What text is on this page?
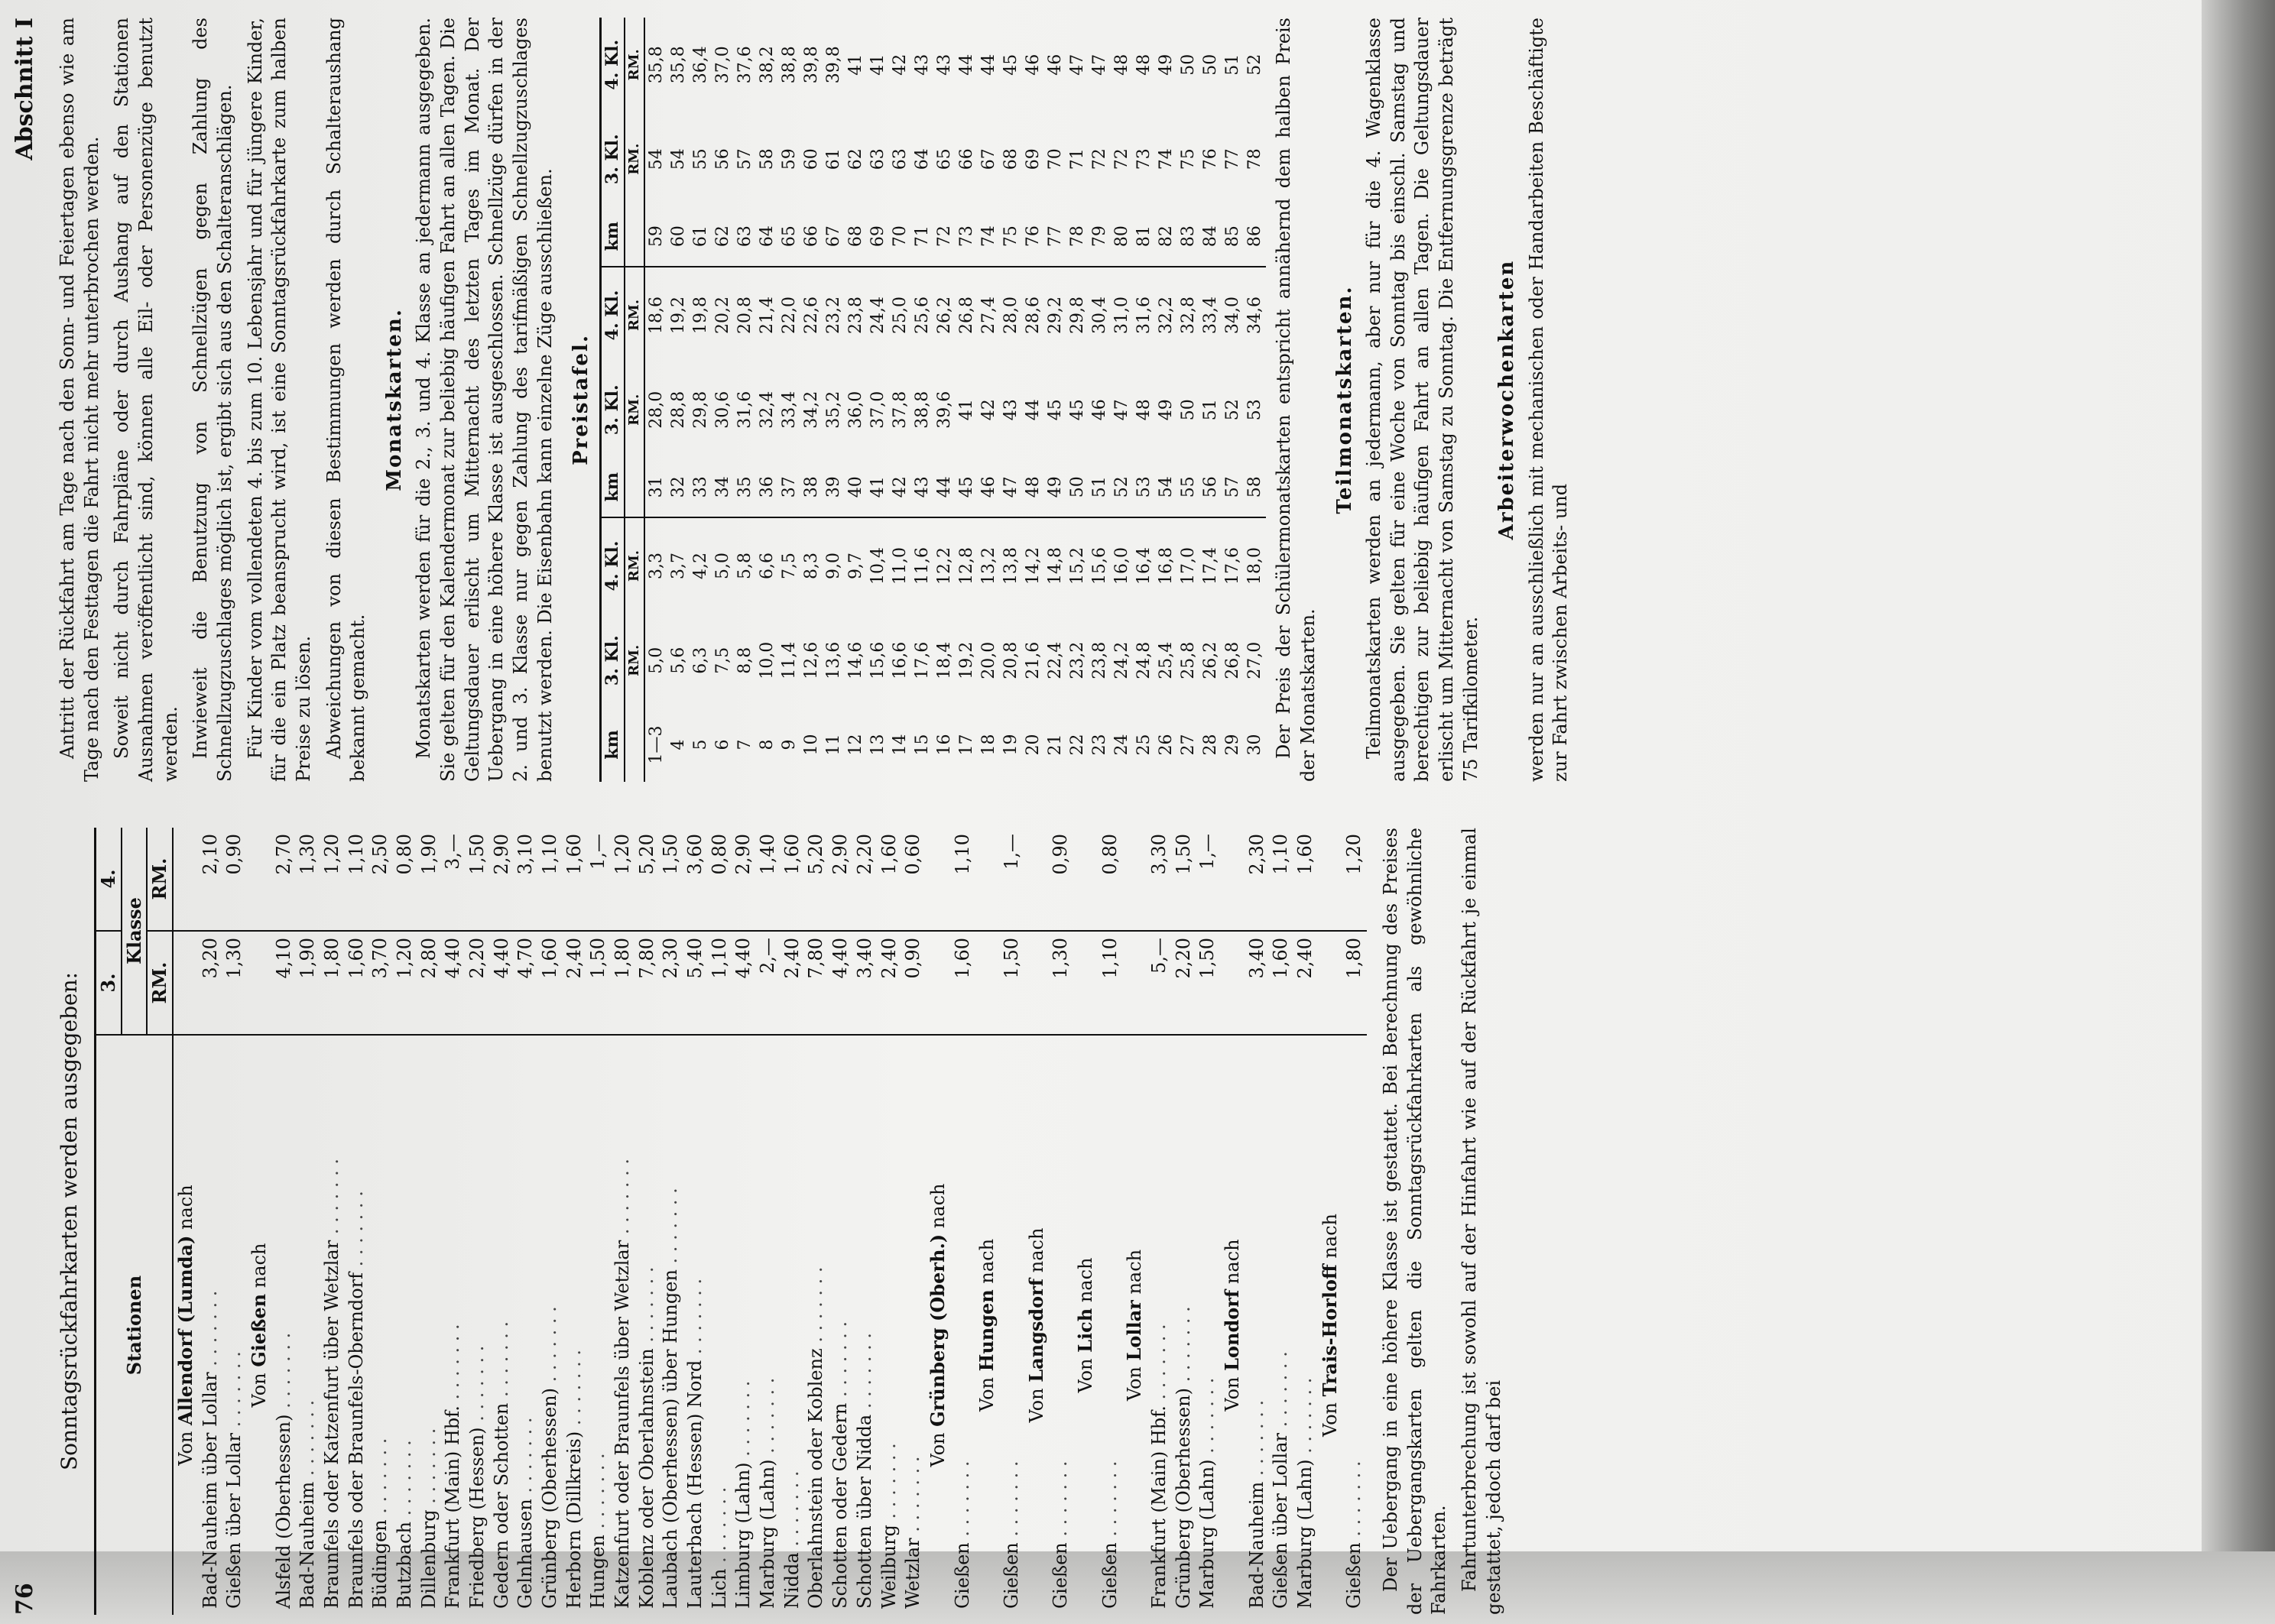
76
Sonntagsrückfahrkarten werden ausgegeben: Stationen	3.	4.
	Klasse	
	RM.	RM.
Von Allendorf (Lumda) nach		
Bad-Nauheim über Lollar . . . . . . .	3,20	2,10
Gießen über Lollar . . . . . . .	1,30	0,90
Von Gießen nach		
Alsfeld (Oberhessen) . . . . . . .	4,10	2,70
Bad-Nauheim . . . . . . .	1,90	1,30
Braunfels oder Katzenfurt über Wetzlar . . . . . . .	1,80	1,20
Braunfels oder Braunfels-Oberndorf . . . . . . .	1,60	1,10
Büdingen . . . . . . .	3,70	2,50
Butzbach . . . . . . .	1,20	0,80
Dillenburg . . . . . . .	2,80	1,90
Frankfurt (Main) Hbf. . . . . . . .	4,40	3,—
Friedberg (Hessen) . . . . . . .	2,20	1,50
Gedern oder Schotten . . . . . . .	4,40	2,90
Gelnhausen . . . . . . .	4,70	3,10
Grünberg (Oberhessen) . . . . . . .	1,60	1,10
Herborn (Dillkreis) . . . . . . .	2,40	1,60
Hungen . . . . . . .	1,50	1,—
Katzenfurt oder Braunfels über Wetzlar . . . . . . .	1,80	1,20
Koblenz oder Oberlahnstein . . . . . . .	7,80	5,20
Laubach (Oberhessen) über Hungen . . . . . . .	2,30	1,50
Lauterbach (Hessen) Nord . . . . . . .	5,40	3,60
Lich . . . . . . .	1,10	0,80
Limburg (Lahn) . . . . . . .	4,40	2,90
Marburg (Lahn) . . . . . . .	2,—	1,40
Nidda . . . . . . .	2,40	1,60
Oberlahnstein oder Koblenz . . . . . . .	7,80	5,20
Schotten oder Gedern . . . . . . .	4,40	2,90
Schotten über Nidda . . . . . . .	3,40	2,20
Weilburg . . . . . . .	2,40	1,60
Wetzlar . . . . . . .	0,90	0,60
Von Grünberg (Oberh.) nach		
Gießen . . . . . . .	1,60	1,10
Von Hungen nach		
Gießen . . . . . . .	1,50	1,—
Von Langsdorf nach		
Gießen . . . . . . .	1,30	0,90
Von Lich nach		
Gießen . . . . . . .	1,10	0,80
Von Lollar nach		
Frankfurt (Main) Hbf. . . . . . . .	5,—	3,30
Grünberg (Oberhessen) . . . . . . .	2,20	1,50
Marburg (Lahn) . . . . . . .	1,50	1,—
Von Londorf nach		
Bad-Nauheim . . . . . . .	3,40	2,30
Gießen über Lollar . . . . . . .	1,60	1,10
Marburg (Lahn) . . . . . . .	2,40	1,60
Von Trais-Horloff nach		
Gießen . . . . . . .	1,80	1,20 Der Uebergang in eine höhere Klasse ist gestattet. Bei Berechnung des Preises der Uebergangskarten gelten die Sonntagsrückfahrkarten als gewöhnliche Fahrkarten. Fahrtunterbrechung ist sowohl auf der Hinfahrt wie auf der Rückfahrt je einmal gestattet, jedoch darf bei

Abschnitt I Antritt der Rückfahrt am Tage nach den Sonn- und Feiertagen ebenso wie am Tage nach den Festtagen die Fahrt nicht mehr unterbrochen werden. Soweit nicht durch Fahrpläne oder durch Aushang auf den Stationen Ausnahmen veröffentlicht sind, können alle Eil- oder Personenzüge benutzt werden. Inwieweit die Benutzung von Schnellzügen gegen Zahlung des Schnellzugzuschlages möglich ist, ergibt sich aus den Schalteranschlägen. Für Kinder vom vollendeten 4. bis zum 10. Lebensjahr und für jüngere Kinder, für die ein Platz beansprucht wird, ist eine Sonntagsrückfahrkarte zum halben Preise zu lösen. Abweichungen von diesen Bestimmungen werden durch Schalteraushang bekannt gemacht.

Monatskarten. Monatskarten werden für die 2., 3. und 4. Klasse an jedermann ausgegeben. Sie gelten für den Kalendermonat zur beliebig häufigen Fahrt an allen Tagen. Die Geltungsdauer erlischt um Mitternacht des letzten Tages im Monat. Der Uebergang in eine höhere Klasse ist ausgeschlossen. Schnellzüge dürfen in der 2. und 3. Klasse nur gegen Zahlung des tarifmäßigen Schnellzugzuschlages benutzt werden. Die Eisenbahn kann einzelne Züge ausschließen. Preistafel.
km	3. Kl.	4. Kl.	km	3. Kl.	4. Kl.	km	3. Kl.	4. Kl.
	RM.	RM.		RM.	RM.		RM.	RM.
1—3	5,0	3,3	31	28,0	18,6	59	54	35,8
4	5,6	3,7	32	28,8	19,2	60	54	35,8
5	6,3	4,2	33	29,8	19,8	61	55	36,4
6	7,5	5,0	34	30,6	20,2	62	56	37,0
7	8,8	5,8	35	31,6	20,8	63	57	37,6
8	10,0	6,6	36	32,4	21,4	64	58	38,2
9	11,4	7,5	37	33,4	22,0	65	59	38,8
10	12,6	8,3	38	34,2	22,6	66	60	39,8
11	13,6	9,0	39	35,2	23,2	67	61	39,8
12	14,6	9,7	40	36,0	23,8	68	62	41
13	15,6	10,4	41	37,0	24,4	69	63	41
14	16,6	11,0	42	37,8	25,0	70	63	42
15	17,6	11,6	43	38,8	25,6	71	64	43
16	18,4	12,2	44	39,6	26,2	72	65	43
17	19,2	12,8	45	41	26,8	73	66	44
18	20,0	13,2	46	42	27,4	74	67	44
19	20,8	13,8	47	43	28,0	75	68	45
20	21,6	14,2	48	44	28,6	76	69	46
21	22,4	14,8	49	45	29,2	77	70	46
22	23,2	15,2	50	45	29,8	78	71	47
23	23,8	15,6	51	46	30,4	79	72	47
24	24,2	16,0	52	47	31,0	80	72	48
25	24,8	16,4	53	48	31,6	81	73	48
26	25,4	16,8	54	49	32,2	82	74	49
27	25,8	17,0	55	50	32,8	83	75	50
28	26,2	17,4	56	51	33,4	84	76	50
29	26,8	17,6	57	52	34,0	85	77	51
30	27,0	18,0	58	53	34,6	86	78	52 Der Preis der Schülermonatskarten entspricht annähernd dem halben Preis der Monatskarten.

Teilmonatskarten. Teilmonatskarten werden an jedermann, aber nur für die 4. Wagenklasse ausgegeben. Sie gelten für eine Woche von Sonntag bis einschl. Samstag und berechtigen zur beliebig häufigen Fahrt an allen Tagen. Die Geltungsdauer erlischt um Mitternacht von Samstag zu Sonntag. Die Entfernungsgrenze beträgt 75 Tarifkilometer.

Arbeiterwochenkarten werden nur an ausschließlich mit mechanischen oder Handarbeiten Beschäftigte zur Fahrt zwischen Arbeits- und
